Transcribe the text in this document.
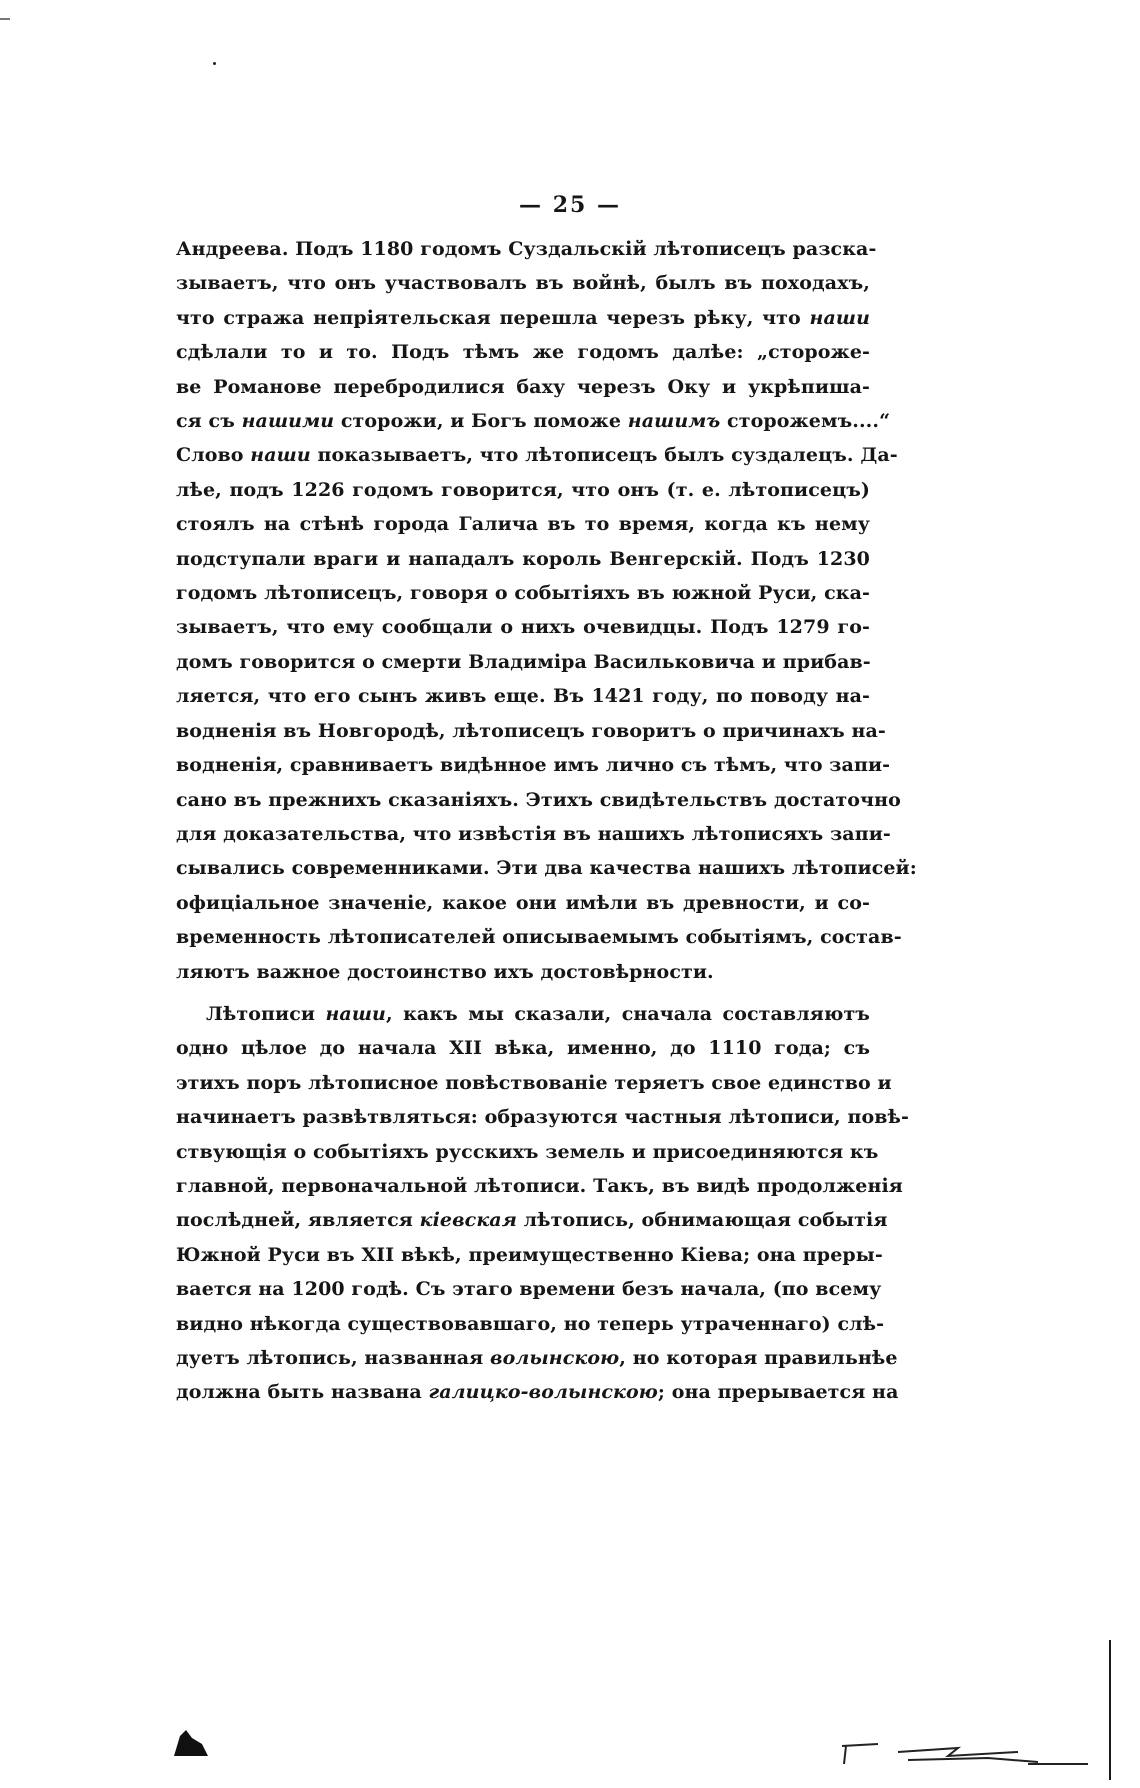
— 25 —

Андреева. Подъ 1180 годомъ Суздальскій лѣтописецъ разска-
зываетъ, что онъ участвовалъ въ войнѣ, былъ въ походахъ,
что стража непріятельская перешла черезъ рѣку, что наши
сдѣлали то и то. Подъ тѣмъ же годомъ далѣе: „сторожe-
ве Романове перебродилися баху черезъ Оку и укрѣпиша-
ся съ нашими сторожи, и Богъ поможе нашимъ сторожемъ....“
Слово наши показываетъ, что лѣтописецъ былъ суздалецъ. Да-
лѣе, подъ 1226 годомъ говорится, что онъ (т. е. лѣтописецъ)
стоялъ на стѣнѣ города Галича въ то время, когда къ нему
подступали враги и нападалъ король Венгерскій. Подъ 1230
годомъ лѣтописецъ, говоря о событіяхъ въ южной Руси, ска-
зываетъ, что ему сообщали о нихъ очевидцы. Подъ 1279 го-
домъ говорится о смерти Владиміра Васильковича и прибав-
ляется, что его сынъ живъ еще. Въ 1421 году, по поводу на-
водненія въ Новгородѣ, лѣтописецъ говоритъ о причинахъ на-
водненія, сравниваетъ видѣнное имъ лично съ тѣмъ, что запи-
сано въ прежнихъ сказаніяхъ. Этихъ свидѣтельствъ достаточно
для доказательства, что извѣстія въ нашихъ лѣтописяхъ запи-
сывались современниками. Эти два качества нашихъ лѣтописей:
офиціальное значеніе, какое они имѣли въ древности, и со-
временность лѣтописателей описываемымъ событіямъ, состав-
ляютъ важное достоинство ихъ достовѣрности.

Лѣтописи наши, какъ мы сказали, сначала составляютъ
одно цѣлое до начала XII вѣка, именно, до 1110 года; съ
этихъ поръ лѣтописное повѣствованіе теряетъ свое единство и
начинаетъ развѣтвляться: образуются частныя лѣтописи, повѣ-
ствующія о событіяхъ русскихъ земель и присоединяются къ
главной, первоначальной лѣтописи. Такъ, въ видѣ продолженія
послѣдней, является кіевская лѣтопись, обнимающая событія
Южной Руси въ XII вѣкѣ, преимущественно Кіева; она преры-
вается на 1200 годѣ. Съ этаго времени безъ начала, (по всему
видно нѣкогда существовавшаго, но теперь утраченнаго) слѣ-
дуетъ лѣтопись, названная волынскою, но которая правильнѣе
должна быть названа галицко-волынскою; она прерывается на
